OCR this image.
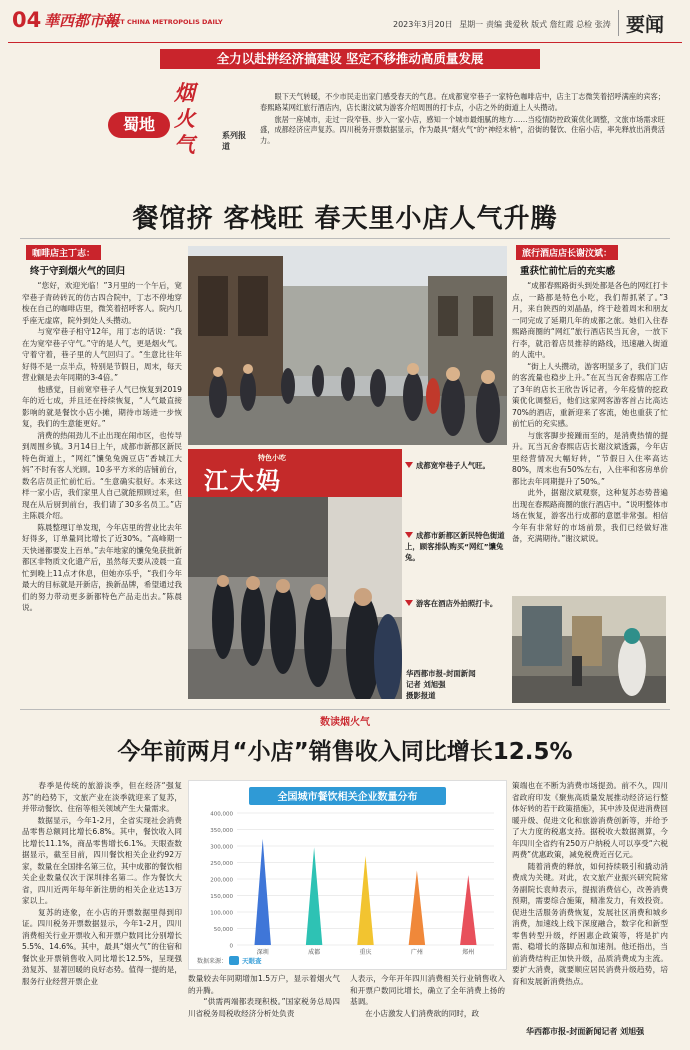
04 華西都市報
WEST CHINA METROPOLIS DAILY	2023年3月20日 星期一 责编 龚爱秋 版式 詹红霞 总检 张涛 要闻
全力以赴拼经济搞建设 坚定不移推动高质量发展
蜀地
烟火气	系列报道

　　眼下天气转暖，不少市民走出家门感受春天的气息。在成都宽窄巷子一家特色咖啡店中，店主丁志微笑着招呼满座的宾客；春熙路某网红旅行酒店内，店长谢汶斌为游客介绍周围的打卡点，小店之外的街道上人头攒动。

　　旅居一座城市，走过一段窄巷、步入一家小店，感知一个城市最细腻的地方……当疫情防控政策优化调整，文旅市场需求旺盛，成都经济应声复苏。四川税务开票数据显示，作为最具“烟火气”的“神经末梢”，沿街的餐饮、住宿小店，率先释放出消费活力。

餐馆挤 客栈旺 春天里小店人气升腾
咖啡店主丁志：
终于守到烟火气的回归

　　“您好，欢迎光临！”3月里的一个午后，宽窄巷子青砖砖瓦的仿古四合院中，丁志不停地穿梭在自己的咖啡店里，微笑着招呼客人。院内几乎座无虚席，院外到处人头攒动。
　　与宽窄巷子相守12年，用丁志的话说：“我在为宽窄巷子守气。”守的是人气，更是烟火气。守着守着，巷子里的人气回归了。“生意比往年好得不是一点半点，特别是节假日，周末，每天营业额是去年同期的3-4倍。”
　　他感觉，目前宽窄巷子人气已恢复到2019年的近七成，并且还在持续恢复，“人气最直接影响的就是餐饮小店小摊，期待市场进一步恢复，我们的生意能更好。”
　　消费的热闹劲儿不止出现在闹市区，也传导到周围乡镇。3月14日上午，成都市新都区新民特色街道上，“网红”馕兔兔豌豆店“香城江大妈”不时有客人光顾。10多平方米的店铺前台，数名店员正忙前忙后。“生意确实很好。本来这样一家小店，我们家里人自己就能照顾过来，但现在从后厨到前台，我们请了30多名员工。”店主陈晨介绍。
　　陈晨整理订单发现，今年店里的营业比去年好得多，订单量同比增长了近30%。“高峰期一天快递都要发上百单。”去年地家的馕兔兔获批新都区非物质文化遗产后，虽然每天要从凌晨一直忙到晚上11点才休息，但她亦乐乎，“我们今年最大的目标就是开新店，换新品牌，希望通过我们的努力带动更多新都特色产品走出去。”陈晨说。

特色小吃
江大妈
成都宽窄巷子人气旺。
成都市新都区新民特色街道上，顾客排队购买“网红”馕兔兔。
游客在酒店外拍照打卡。
华西都市报-封面新闻
记者 刘旭强
摄影报道
旅行酒店店长谢汶斌：
重获忙前忙后的充实感

　　“成都春熙路街头到处都是各色的网红打卡点，一路都是特色小吃，我们帮抓紧了。”3月，来自陕西的刘晶晶，终于趁着周末和朋友一同完成了延期几年的成都之旅。她们入住春熙路商圈的“网红”旅行酒店民当瓦舍，一放下行李，就沿着店员推荐的路线，迅速融入街道的人流中。
　　“街上人头攒动，游客明显多了，我们门店的客流量也稳步上升。”在瓦当瓦舍春熙店工作了3年的店长王欣告诉记者，今年疫情的挖政策优化调整后，他们这家网客游客首占比高达70%的酒店，重新迎来了客流，她也重获了忙前忙后的充实感。
　　与旅客脚步接踵而至的，是消费热情的提升。瓦当瓦舍春熙店店长谢汶斌透露，今年店里经营情况大幅好转，“节假日入住率高达80%，周末也有50%左右，入住率和客房单价都比去年同期提升了50%。”
　　此外，据谢汶斌观察，这种复苏态势普遍出现在春熙路商圈的旅行酒店中。“说明整体市场在恢复，游客出行成都的意愿非常强。相信今年有非常好的市场前景，我们已经做好准备，充满期待。”谢汶斌说。

数读烟火气
今年前两月“小店”销售收入同比增长12.5%

　　春季是传统的旅游淡季，但在经济“强复苏”的趋势下，文旅产业在淡季就迎来了复苏，并带动餐饮、住宿等相关领域产生大量需求。
　　数据显示，今年1-2月，全省实现社会消费品零售总额同比增长6.8%。其中，餐饮收入同比增长11.1%，商品零售增长6.1%。天眼查数据显示，截至目前，四川餐饮相关企业约92万家，数量在全国排名第三位，其中成都的餐饮相关企业数量仅次于深圳排名第二。作为餐饮大省，四川近两年每年新注册的相关企业达13万家以上。
　　复苏的迹象，在小店的开票数据里得到印证。四川税务开票数据显示，今年1-2月，四川消费相关行业开票收入和开票户数同比分别增长5.5%、14.6%。其中，最具“烟火气”的住宿和餐饮业开票销售收入同比增长12.5%，呈现强劲复苏、显著回暖的良好态势。值得一提的是，服务行业经营开票企业

全国城市餐饮相关企业数量分布
0
50,000
100,000
150,000
200,000
250,000
300,000
350,000
400,000
深圳	成都	重庆	广州	郑州
数据来源： 天眼查

数量较去年同期增加1.5万户，显示着烟火气的升腾。
　　“供需两端都表现积极。”国家税务总局四川省税务局税收经济分析处负责

人表示，今年开年四川消费相关行业销售收入和开票户数同比增长，确立了全年消费上扬的基调。
　　在小店激发人们消费欲的同时，政

策端也在不断为消费市场提劲。前不久，四川省政府印发《聚焦高质量发展推动经济运行整体好转的若干政策措施》，其中涉及促进消费回暖升级、促进文化和旅游消费创新等，并给予了大力度的税惠支持。据税收大数据测算，今年四川全省约有250万户纳税人可以享受“六税两费”优惠政策，减免税费近百亿元。
　　随着消费的释放，如何持续吸引和撬动消费成为关键。对此，农文旅产业振兴研究院常务副院长袁帅表示，提振消费信心，改善消费预期，需要综合施策，精准发力，有效投资。促进生活服务消费恢复，发展社区消费和城乡消费，加速线上线下深度融合，数字化和新型零售转型升级，纾困惠企政策等，将是扩内需、稳增长的落脚点和加速剂。他还指出，当前消费结构正加快升级，品质消费成为主流。要扩大消费，就要顺应居民消费升级趋势，培育和发展新消费热点。

华西都市报-封面新闻记者 刘旭强
